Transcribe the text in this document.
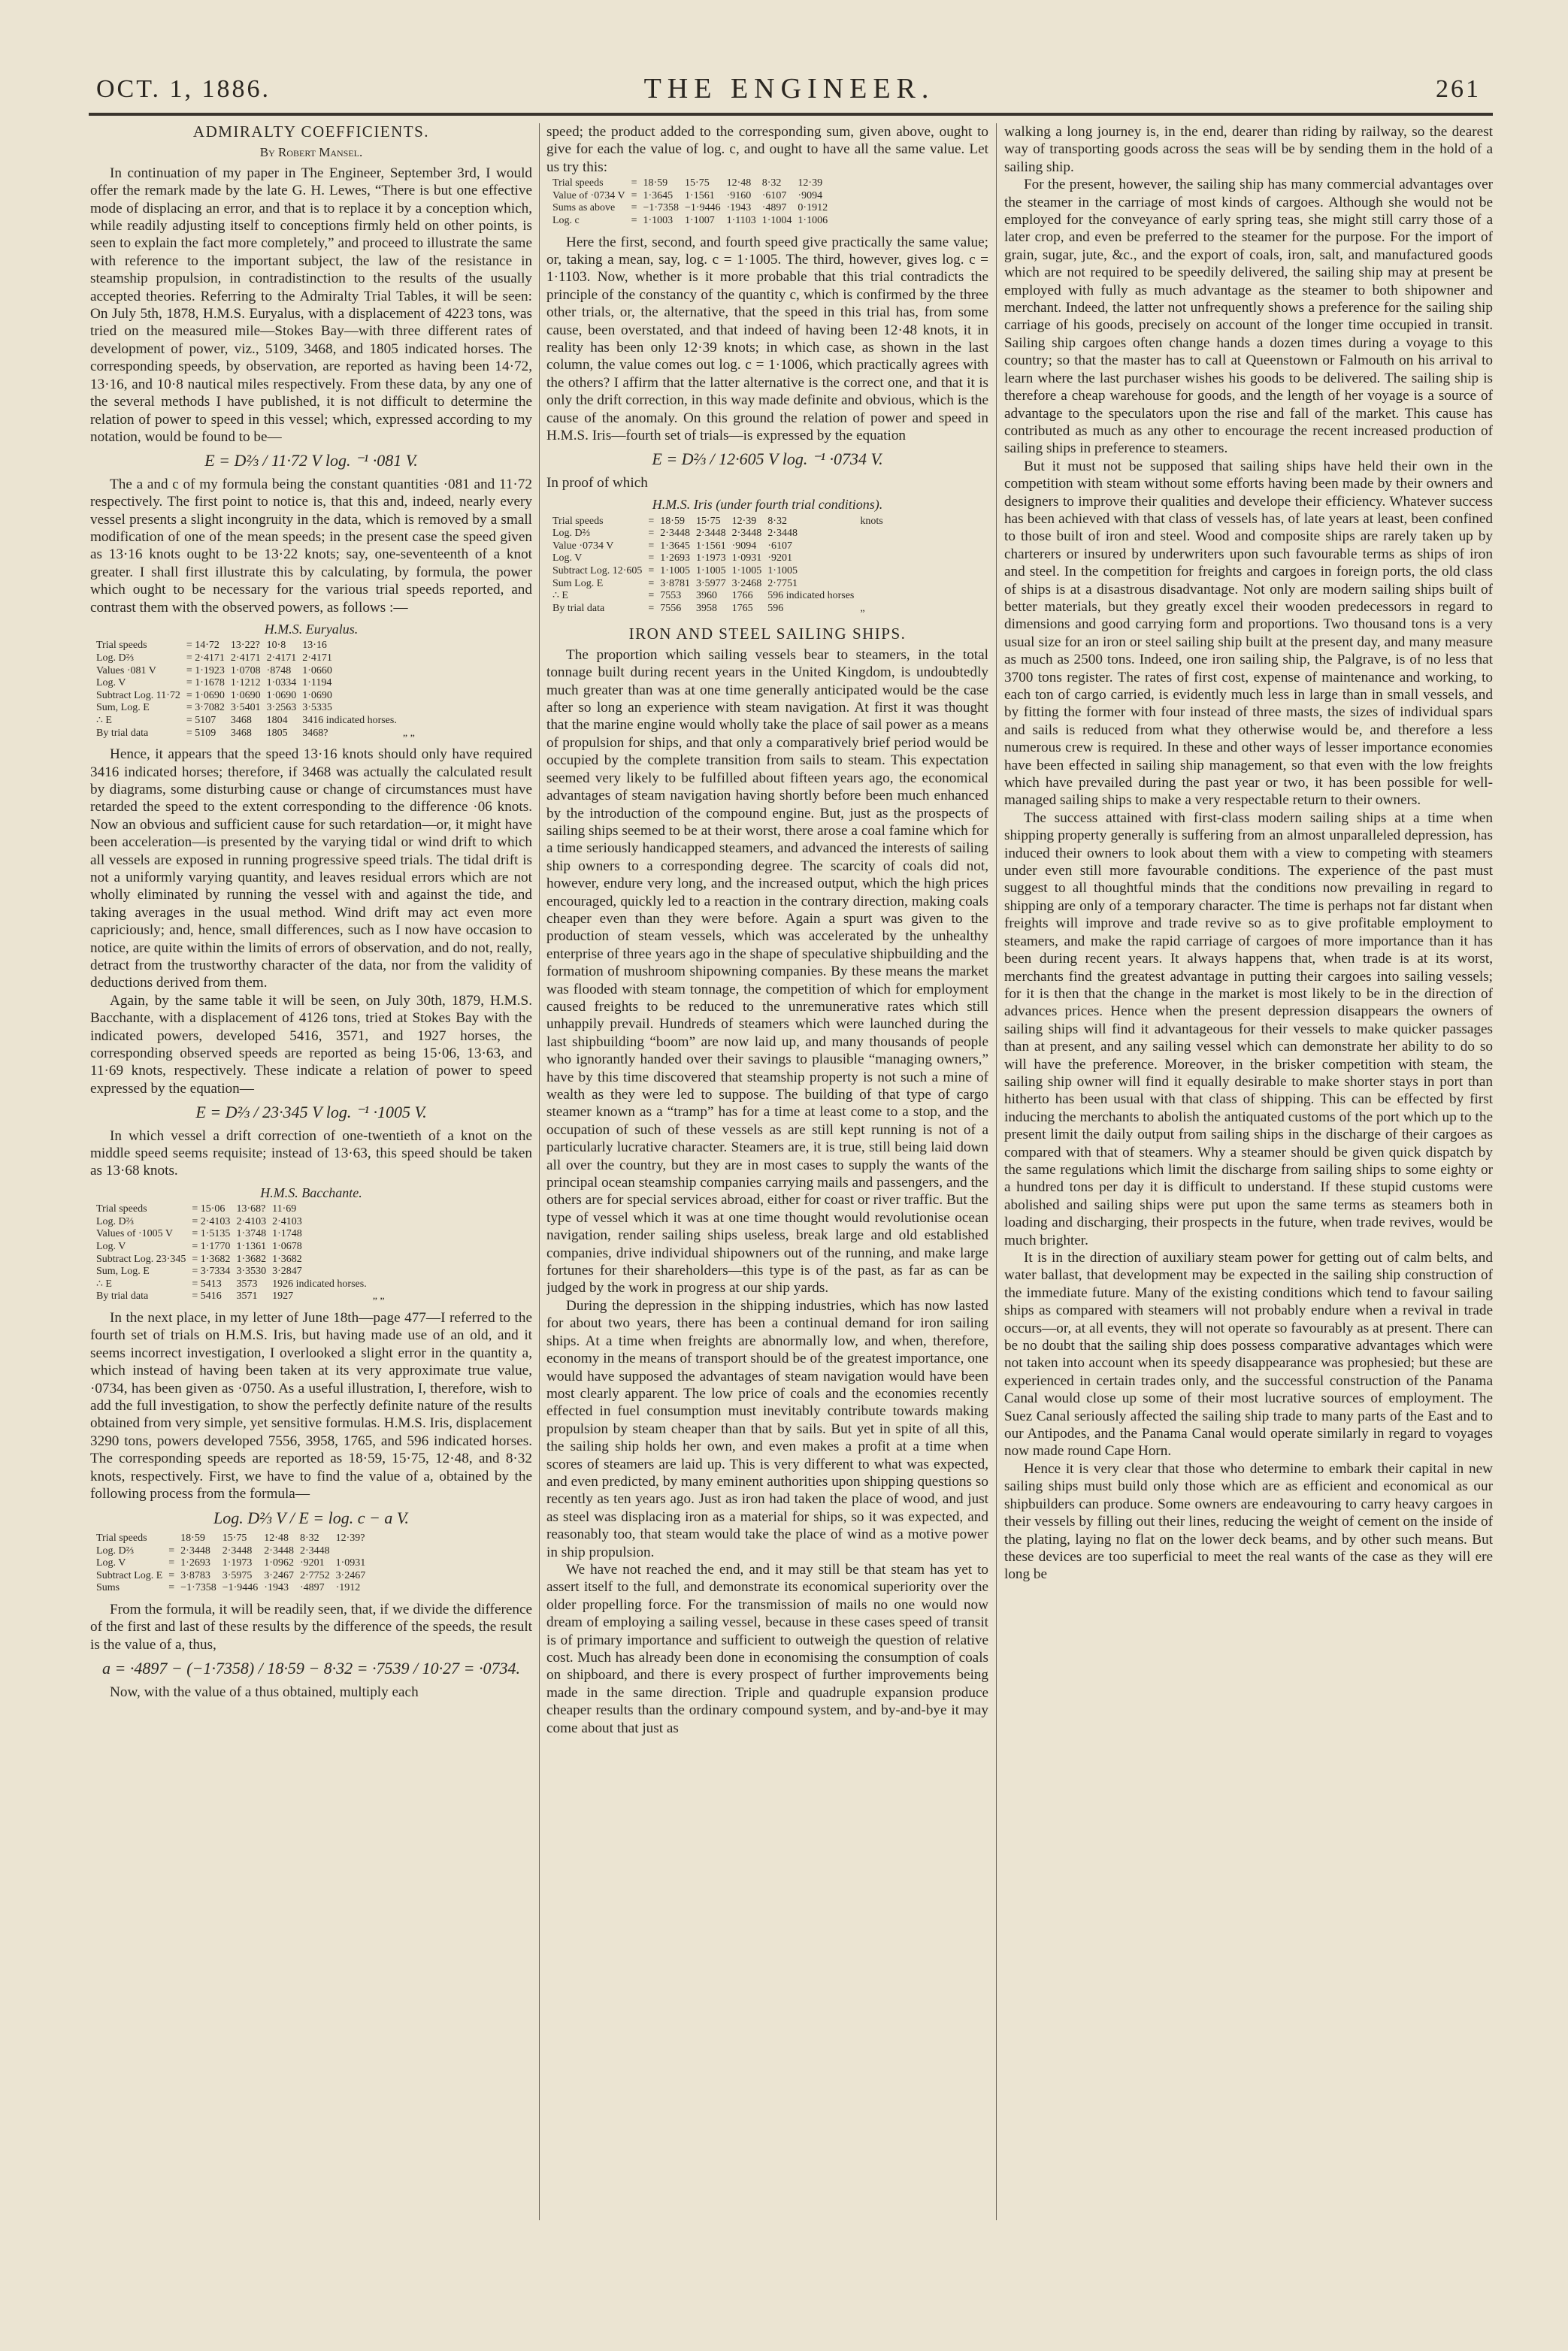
OCT. 1, 1886.	THE ENGINEER.	261
ADMIRALTY COEFFICIENTS.
By Robert Mansel.

In continuation of my paper in The Engineer, September 3rd, I would offer the remark made by the late G. H. Lewes, “There is but one effective mode of displacing an error, and that is to replace it by a conception which, while readily adjusting itself to conceptions firmly held on other points, is seen to explain the fact more completely,” and proceed to illustrate the same with reference to the important subject, the law of the resistance in steamship propulsion, in contradistinction to the results of the usually accepted theories. Referring to the Admiralty Trial Tables, it will be seen: On July 5th, 1878, H.M.S. Euryalus, with a displacement of 4223 tons, was tried on the measured mile—Stokes Bay—with three different rates of development of power, viz., 5109, 3468, and 1805 indicated horses. The corresponding speeds, by observation, are reported as having been 14·72, 13·16, and 10·8 nautical miles respectively. From these data, by any one of the several methods I have published, it is not difficult to determine the relation of power to speed in this vessel; which, expressed according to my notation, would be found to be—

E = D⅔ / 11·72 V log. ⁻¹ ·081 V.

The a and c of my formula being the constant quantities ·081 and 11·72 respectively. The first point to notice is, that this and, indeed, nearly every vessel presents a slight incongruity in the data, which is removed by a small modification of one of the mean speeds; in the present case the speed given as 13·16 knots ought to be 13·22 knots; say, one-seventeenth of a knot greater. I shall first illustrate this by calculating, by formula, the power which ought to be necessary for the various trial speeds reported, and contrast them with the observed powers, as follows :—

H.M.S. Euryalus.
Trial speeds	= 14·72	13·22?	10·8	13·16	
Log. D⅔	= 2·4171	2·4171	2·4171	2·4171	
Values ·081 V	= 1·1923	1·0708	·8748	1·0660	
Log. V	= 1·1678	1·1212	1·0334	1·1194	
Subtract Log. 11·72	= 1·0690	1·0690	1·0690	1·0690	
Sum, Log. E	= 3·7082	3·5401	3·2563	3·5335	
∴ E	= 5107	3468	1804	3416 indicated horses.	
By trial data	= 5109	3468	1805	3468?	„ „

Hence, it appears that the speed 13·16 knots should only have required 3416 indicated horses; therefore, if 3468 was actually the calculated result by diagrams, some disturbing cause or change of circumstances must have retarded the speed to the extent corresponding to the difference ·06 knots. Now an obvious and sufficient cause for such retardation—or, it might have been acceleration—is presented by the varying tidal or wind drift to which all vessels are exposed in running progressive speed trials. The tidal drift is not a uniformly varying quantity, and leaves residual errors which are not wholly eliminated by running the vessel with and against the tide, and taking averages in the usual method. Wind drift may act even more capriciously; and, hence, small differences, such as I now have occasion to notice, are quite within the limits of errors of observation, and do not, really, detract from the trustworthy character of the data, nor from the validity of deductions derived from them.

Again, by the same table it will be seen, on July 30th, 1879, H.M.S. Bacchante, with a displacement of 4126 tons, tried at Stokes Bay with the indicated powers, developed 5416, 3571, and 1927 horses, the corresponding observed speeds are reported as being 15·06, 13·63, and 11·69 knots, respectively. These indicate a relation of power to speed expressed by the equation—

E = D⅔ / 23·345 V log. ⁻¹ ·1005 V.

In which vessel a drift correction of one-twentieth of a knot on the middle speed seems requisite; instead of 13·63, this speed should be taken as 13·68 knots.

H.M.S. Bacchante.
Trial speeds	= 15·06	13·68?	11·69	
Log. D⅔	= 2·4103	2·4103	2·4103	
Values of ·1005 V	= 1·5135	1·3748	1·1748	
Log. V	= 1·1770	1·1361	1·0678	
Subtract Log. 23·345	= 1·3682	1·3682	1·3682	
Sum, Log. E	= 3·7334	3·3530	3·2847	
∴ E	= 5413	3573	1926 indicated horses.	
By trial data	= 5416	3571	1927	„ „

In the next place, in my letter of June 18th—page 477—I referred to the fourth set of trials on H.M.S. Iris, but having made use of an old, and it seems incorrect investigation, I overlooked a slight error in the quantity a, which instead of having been taken at its very approximate true value, ·0734, has been given as ·0750. As a useful illustration, I, therefore, wish to add the full investigation, to show the perfectly definite nature of the results obtained from very simple, yet sensitive formulas. H.M.S. Iris, displacement 3290 tons, powers developed 7556, 3958, 1765, and 596 indicated horses. The corresponding speeds are reported as 18·59, 15·75, 12·48, and 8·32 knots, respectively. First, we have to find the value of a, obtained by the following process from the formula—

Log. D⅔ V / E = log. c − a V.
Trial speeds		18·59	15·75	12·48	8·32	12·39?
Log. D⅔	=	2·3448	2·3448	2·3448	2·3448	
Log. V	=	1·2693	1·1973	1·0962	·9201	1·0931
Subtract Log. E	=	3·8783	3·5975	3·2467	2·7752	3·2467
Sums	=	−1·7358	−1·9446	·1943	·4897	·1912

From the formula, it will be readily seen, that, if we divide the difference of the first and last of these results by the difference of the speeds, the result is the value of a, thus,

a = ·4897 − (−1·7358) / 18·59 − 8·32 = ·7539 / 10·27 = ·0734.

Now, with the value of a thus obtained, multiply each

speed; the product added to the corresponding sum, given above, ought to give for each the value of log. c, and ought to have all the same value. Let us try this:

Trial speeds	=	18·59	15·75	12·48	8·32	12·39
Value of ·0734 V	=	1·3645	1·1561	·9160	·6107	·9094
Sums as above	=	−1·7358	−1·9446	·1943	·4897	0·1912
Log. c	=	1·1003	1·1007	1·1103	1·1004	1·1006

Here the first, second, and fourth speed give practically the same value; or, taking a mean, say, log. c = 1·1005. The third, however, gives log. c = 1·1103. Now, whether is it more probable that this trial contradicts the principle of the constancy of the quantity c, which is confirmed by the three other trials, or, the alternative, that the speed in this trial has, from some cause, been overstated, and that indeed of having been 12·48 knots, it in reality has been only 12·39 knots; in which case, as shown in the last column, the value comes out log. c = 1·1006, which practically agrees with the others? I affirm that the latter alternative is the correct one, and that it is only the drift correction, in this way made definite and obvious, which is the cause of the anomaly. On this ground the relation of power and speed in H.M.S. Iris—fourth set of trials—is expressed by the equation

E = D⅔ / 12·605 V log. ⁻¹ ·0734 V.

In proof of which

H.M.S. Iris (under fourth trial conditions).
Trial speeds	=	18·59	15·75	12·39	8·32	knots
Log. D⅔	=	2·3448	2·3448	2·3448	2·3448	
Value ·0734 V	=	1·3645	1·1561	·9094	·6107	
Log. V	=	1·2693	1·1973	1·0931	·9201	
Subtract Log. 12·605	=	1·1005	1·1005	1·1005	1·1005	
Sum Log. E	=	3·8781	3·5977	3·2468	2·7751	
∴ E	=	7553	3960	1766	596 indicated horses	
By trial data	=	7556	3958	1765	596	„
IRON AND STEEL SAILING SHIPS.

The proportion which sailing vessels bear to steamers, in the total tonnage built during recent years in the United Kingdom, is undoubtedly much greater than was at one time generally anticipated would be the case after so long an experience with steam navigation. At first it was thought that the marine engine would wholly take the place of sail power as a means of propulsion for ships, and that only a comparatively brief period would be occupied by the complete transition from sails to steam. This expectation seemed very likely to be fulfilled about fifteen years ago, the economical advantages of steam navigation having shortly before been much enhanced by the introduction of the compound engine. But, just as the prospects of sailing ships seemed to be at their worst, there arose a coal famine which for a time seriously handicapped steamers, and advanced the interests of sailing ship owners to a corresponding degree. The scarcity of coals did not, however, endure very long, and the increased output, which the high prices encouraged, quickly led to a reaction in the contrary direction, making coals cheaper even than they were before. Again a spurt was given to the production of steam vessels, which was accelerated by the unhealthy enterprise of three years ago in the shape of speculative shipbuilding and the formation of mushroom shipowning companies. By these means the market was flooded with steam tonnage, the competition of which for employment caused freights to be reduced to the unremunerative rates which still unhappily prevail. Hundreds of steamers which were launched during the last shipbuilding “boom” are now laid up, and many thousands of people who ignorantly handed over their savings to plausible “managing owners,” have by this time discovered that steamship property is not such a mine of wealth as they were led to suppose. The building of that type of cargo steamer known as a “tramp” has for a time at least come to a stop, and the occupation of such of these vessels as are still kept running is not of a particularly lucrative character. Steamers are, it is true, still being laid down all over the country, but they are in most cases to supply the wants of the principal ocean steamship companies carrying mails and passengers, and the others are for special services abroad, either for coast or river traffic. But the type of vessel which it was at one time thought would revolutionise ocean navigation, render sailing ships useless, break large and old established companies, drive individual shipowners out of the running, and make large fortunes for their shareholders—this type is of the past, as far as can be judged by the work in progress at our ship yards.

During the depression in the shipping industries, which has now lasted for about two years, there has been a continual demand for iron sailing ships. At a time when freights are abnormally low, and when, therefore, economy in the means of transport should be of the greatest importance, one would have supposed the advantages of steam navigation would have been most clearly apparent. The low price of coals and the economies recently effected in fuel consumption must inevitably contribute towards making propulsion by steam cheaper than that by sails. But yet in spite of all this, the sailing ship holds her own, and even makes a profit at a time when scores of steamers are laid up. This is very different to what was expected, and even predicted, by many eminent authorities upon shipping questions so recently as ten years ago. Just as iron had taken the place of wood, and just as steel was displacing iron as a material for ships, so it was expected, and reasonably too, that steam would take the place of wind as a motive power in ship propulsion.

We have not reached the end, and it may still be that steam has yet to assert itself to the full, and demonstrate its economical superiority over the older propelling force. For the transmission of mails no one would now dream of employing a sailing vessel, because in these cases speed of transit is of primary importance and sufficient to outweigh the question of relative cost. Much has already been done in economising the consumption of coals on shipboard, and there is every prospect of further improvements being made in the same direction. Triple and quadruple expansion produce cheaper results than the ordinary compound system, and by-and-bye it may come about that just as

walking a long journey is, in the end, dearer than riding by railway, so the dearest way of transporting goods across the seas will be by sending them in the hold of a sailing ship.

For the present, however, the sailing ship has many commercial advantages over the steamer in the carriage of most kinds of cargoes. Although she would not be employed for the conveyance of early spring teas, she might still carry those of a later crop, and even be preferred to the steamer for the purpose. For the import of grain, sugar, jute, &c., and the export of coals, iron, salt, and manufactured goods which are not required to be speedily delivered, the sailing ship may at present be employed with fully as much advantage as the steamer to both shipowner and merchant. Indeed, the latter not unfrequently shows a preference for the sailing ship carriage of his goods, precisely on account of the longer time occupied in transit. Sailing ship cargoes often change hands a dozen times during a voyage to this country; so that the master has to call at Queenstown or Falmouth on his arrival to learn where the last purchaser wishes his goods to be delivered. The sailing ship is therefore a cheap warehouse for goods, and the length of her voyage is a source of advantage to the speculators upon the rise and fall of the market. This cause has contributed as much as any other to encourage the recent increased production of sailing ships in preference to steamers.

But it must not be supposed that sailing ships have held their own in the competition with steam without some efforts having been made by their owners and designers to improve their qualities and develope their efficiency. Whatever success has been achieved with that class of vessels has, of late years at least, been confined to those built of iron and steel. Wood and composite ships are rarely taken up by charterers or insured by underwriters upon such favourable terms as ships of iron and steel. In the competition for freights and cargoes in foreign ports, the old class of ships is at a disastrous disadvantage. Not only are modern sailing ships built of better materials, but they greatly excel their wooden predecessors in regard to dimensions and good carrying form and proportions. Two thousand tons is a very usual size for an iron or steel sailing ship built at the present day, and many measure as much as 2500 tons. Indeed, one iron sailing ship, the Palgrave, is of no less that 3700 tons register. The rates of first cost, expense of maintenance and working, to each ton of cargo carried, is evidently much less in large than in small vessels, and by fitting the former with four instead of three masts, the sizes of individual spars and sails is reduced from what they otherwise would be, and therefore a less numerous crew is required. In these and other ways of lesser importance economies have been effected in sailing ship management, so that even with the low freights which have prevailed during the past year or two, it has been possible for well-managed sailing ships to make a very respectable return to their owners.

The success attained with first-class modern sailing ships at a time when shipping property generally is suffering from an almost unparalleled depression, has induced their owners to look about them with a view to competing with steamers under even still more favourable conditions. The experience of the past must suggest to all thoughtful minds that the conditions now prevailing in regard to shipping are only of a temporary character. The time is perhaps not far distant when freights will improve and trade revive so as to give profitable employment to steamers, and make the rapid carriage of cargoes of more importance than it has been during recent years. It always happens that, when trade is at its worst, merchants find the greatest advantage in putting their cargoes into sailing vessels; for it is then that the change in the market is most likely to be in the direction of advances prices. Hence when the present depression disappears the owners of sailing ships will find it advantageous for their vessels to make quicker passages than at present, and any sailing vessel which can demonstrate her ability to do so will have the preference. Moreover, in the brisker competition with steam, the sailing ship owner will find it equally desirable to make shorter stays in port than hitherto has been usual with that class of shipping. This can be effected by first inducing the merchants to abolish the antiquated customs of the port which up to the present limit the daily output from sailing ships in the discharge of their cargoes as compared with that of steamers. Why a steamer should be given quick dispatch by the same regulations which limit the discharge from sailing ships to some eighty or a hundred tons per day it is difficult to understand. If these stupid customs were abolished and sailing ships were put upon the same terms as steamers both in loading and discharging, their prospects in the future, when trade revives, would be much brighter.

It is in the direction of auxiliary steam power for getting out of calm belts, and water ballast, that development may be expected in the sailing ship construction of the immediate future. Many of the existing conditions which tend to favour sailing ships as compared with steamers will not probably endure when a revival in trade occurs—or, at all events, they will not operate so favourably as at present. There can be no doubt that the sailing ship does possess comparative advantages which were not taken into account when its speedy disappearance was prophesied; but these are experienced in certain trades only, and the successful construction of the Panama Canal would close up some of their most lucrative sources of employment. The Suez Canal seriously affected the sailing ship trade to many parts of the East and to our Antipodes, and the Panama Canal would operate similarly in regard to voyages now made round Cape Horn.

Hence it is very clear that those who determine to embark their capital in new sailing ships must build only those which are as efficient and economical as our shipbuilders can produce. Some owners are endeavouring to carry heavy cargoes in their vessels by filling out their lines, reducing the weight of cement on the inside of the plating, laying no flat on the lower deck beams, and by other such means. But these devices are too superficial to meet the real wants of the case as they will ere long be
